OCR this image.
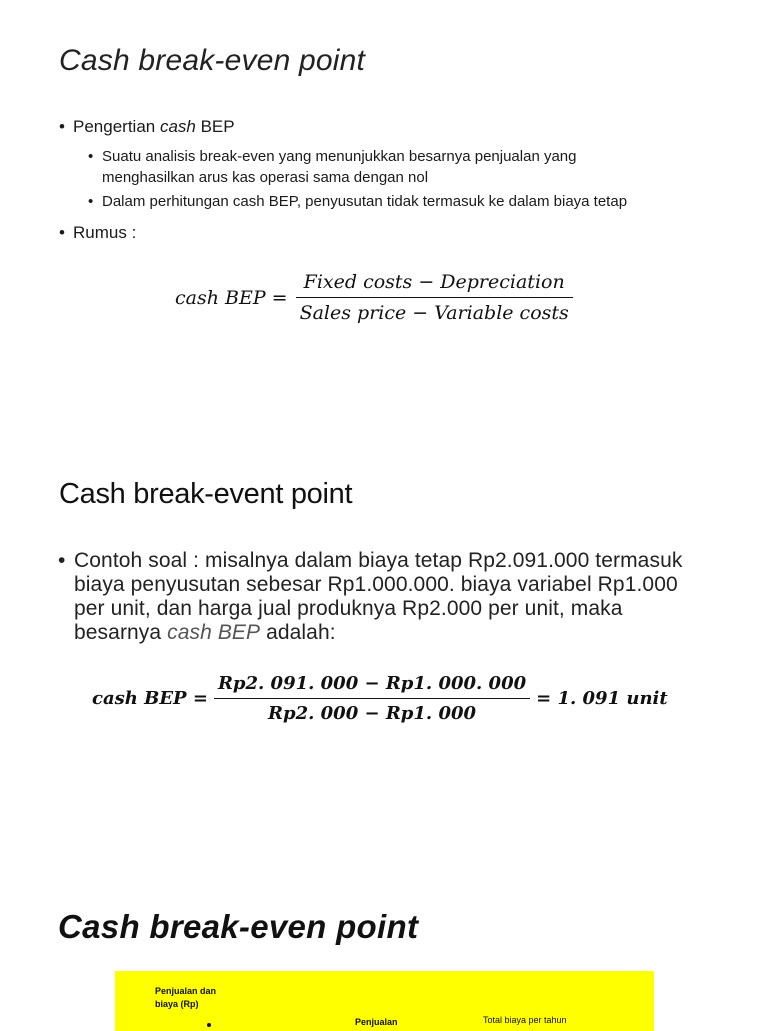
Cash break-even point
• Pengertian cash BEP
• Suatu analisis break-even yang menunjukkan besarnya penjualan yang
menghasilkan arus kas operasi sama dengan nol
• Dalam perhitungan cash BEP, penyusutan tidak termasuk ke dalam biaya tetap
• Rumus :
cash BEP = $\frac{\text{Fixed costs − Depreciation}}{\text{Sales price − Variable costs}}$
Cash break-event point
• Contoh soal : misalnya dalam biaya tetap Rp2.091.000 termasuk biaya penyusutan sebesar Rp1.000.000. biaya variabel Rp1.000 per unit, dan harga jual produknya Rp2.000 per unit, maka besarnya cash BEP adalah:
cash BEP = $\frac{Rp2. 091. 000 - Rp1. 000. 000}{Rp2. 000 - Rp1. 000} = 1$. 091 unit
Cash break-even point
Penjualan dan
biaya (Rp)
Penjualan	Total biaya per tahun
